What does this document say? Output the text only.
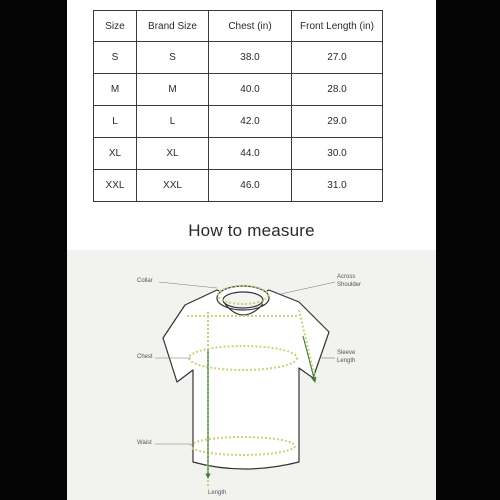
Size	Brand Size	Chest (in)	Front Length (in)
S	S	38.0	27.0
M	M	40.0	28.0
L	L	42.0	29.0
XL	XL	44.0	30.0
XXL	XXL	46.0	31.0
How to measure
Collar
Across
Shoulder
Chest
Sleeve
Length
Waist
Length
